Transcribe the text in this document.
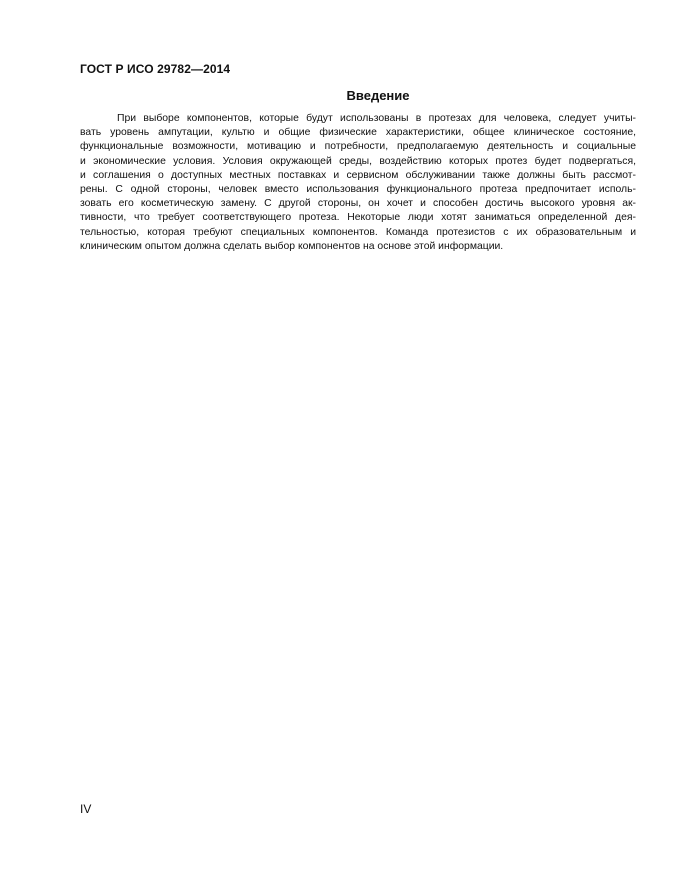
ГОСТ Р ИСО 29782—2014
Введение
При выборе компонентов, которые будут использованы в протезах для человека, следует учиты-
вать уровень ампутации, культю и общие физические характеристики, общее клиническое состояние,
функциональные возможности, мотивацию и потребности, предполагаемую деятельность и социальные
и экономические условия. Условия окружающей среды, воздействию которых протез будет подвергаться,
и соглашения о доступных местных поставках и сервисном обслуживании также должны быть рассмот-
рены. С одной стороны, человек вместо использования функционального протеза предпочитает исполь-
зовать его косметическую замену. С другой стороны, он хочет и способен достичь высокого уровня ак-
тивности, что требует соответствующего протеза. Некоторые люди хотят заниматься определенной дея-
тельностью, которая требуют специальных компонентов. Команда протезистов с их образовательным и
клиническим опытом должна сделать выбор компонентов на основе этой информации.
IV
